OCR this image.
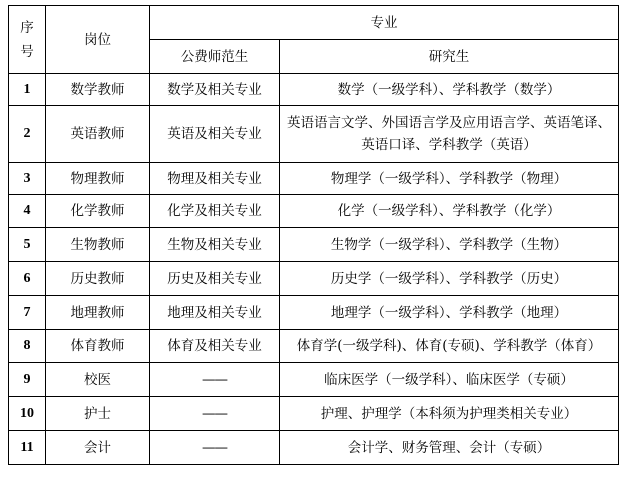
序
号	岗位	专业	
		公费师范生	研究生
1	数学教师	数学及相关专业	数学（一级学科）、学科教学（数学）
2	英语教师	英语及相关专业	英语语言文学、外国语言学及应用语言学、英语笔译、
英语口译、学科教学（英语）
3	物理教师	物理及相关专业	物理学（一级学科）、学科教学（物理）
4	化学教师	化学及相关专业	化学（一级学科）、学科教学（化学）
5	生物教师	生物及相关专业	生物学（一级学科）、学科教学（生物）
6	历史教师	历史及相关专业	历史学（一级学科）、学科教学（历史）
7	地理教师	地理及相关专业	地理学（一级学科）、学科教学（地理）
8	体育教师	体育及相关专业	体育学(一级学科)、体育(专硕)、学科教学（体育）
9	校医	——	临床医学（一级学科）、临床医学（专硕）
10	护士	——	护理、护理学（本科须为护理类相关专业）
11	会计	——	会计学、财务管理、会计（专硕）
